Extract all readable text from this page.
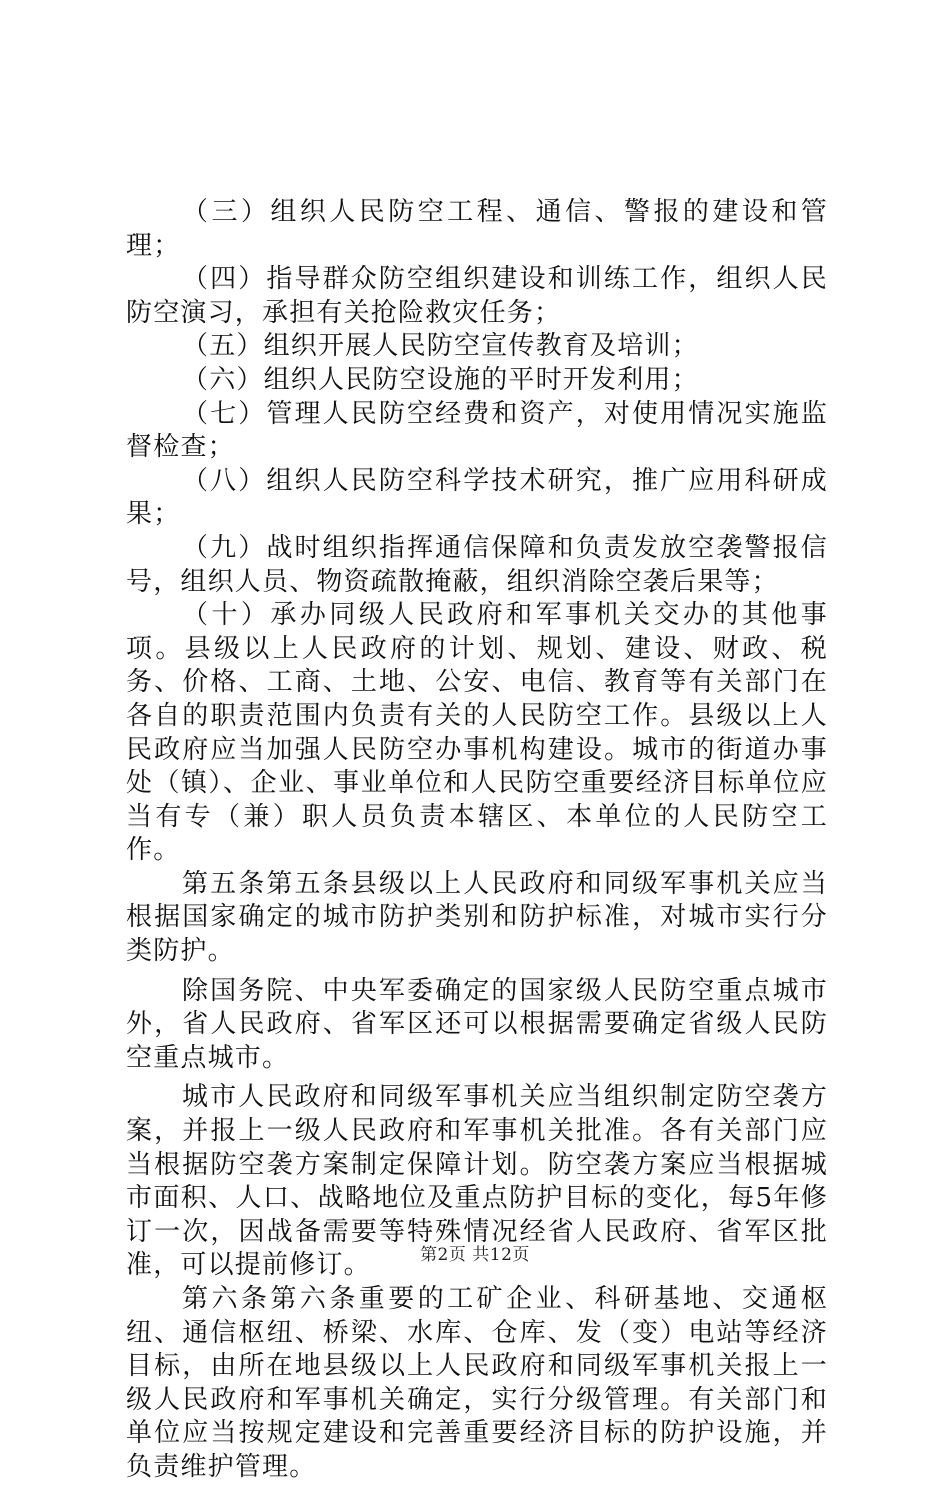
（三）组织人民防空工程、通信、警报的建设和管理；

（四）指导群众防空组织建设和训练工作，组织人民防空演习，承担有关抢险救灾任务；

（五）组织开展人民防空宣传教育及培训；

（六）组织人民防空设施的平时开发利用；

（七）管理人民防空经费和资产，对使用情况实施监督检查；

（八）组织人民防空科学技术研究，推广应用科研成果；

（九）战时组织指挥通信保障和负责发放空袭警报信号，组织人员、物资疏散掩蔽，组织消除空袭后果等；

（十）承办同级人民政府和军事机关交办的其他事项。县级以上人民政府的计划、规划、建设、财政、税务、价格、工商、土地、公安、电信、教育等有关部门在各自的职责范围内负责有关的人民防空工作。县级以上人民政府应当加强人民防空办事机构建设。城市的街道办事处（镇）、企业、事业单位和人民防空重要经济目标单位应当有专（兼）职人员负责本辖区、本单位的人民防空工作。

第五条第五条县级以上人民政府和同级军事机关应当根据国家确定的城市防护类别和防护标准，对城市实行分类防护。

除国务院、中央军委确定的国家级人民防空重点城市外，省人民政府、省军区还可以根据需要确定省级人民防空重点城市。

城市人民政府和同级军事机关应当组织制定防空袭方案，并报上一级人民政府和军事机关批准。各有关部门应当根据防空袭方案制定保障计划。防空袭方案应当根据城市面积、人口、战略地位及重点防护目标的变化，每5年修订一次，因战备需要等特殊情况经省人民政府、省军区批准，可以提前修订。

第六条第六条重要的工矿企业、科研基地、交通枢纽、通信枢纽、桥梁、水库、仓库、发（变）电站等经济目标，由所在地县级以上人民政府和同级军事机关报上一级人民政府和军事机关确定，实行分级管理。有关部门和单位应当按规定建设和完善重要经济目标的防护设施，并负责维护管理。

第2页 共12页
